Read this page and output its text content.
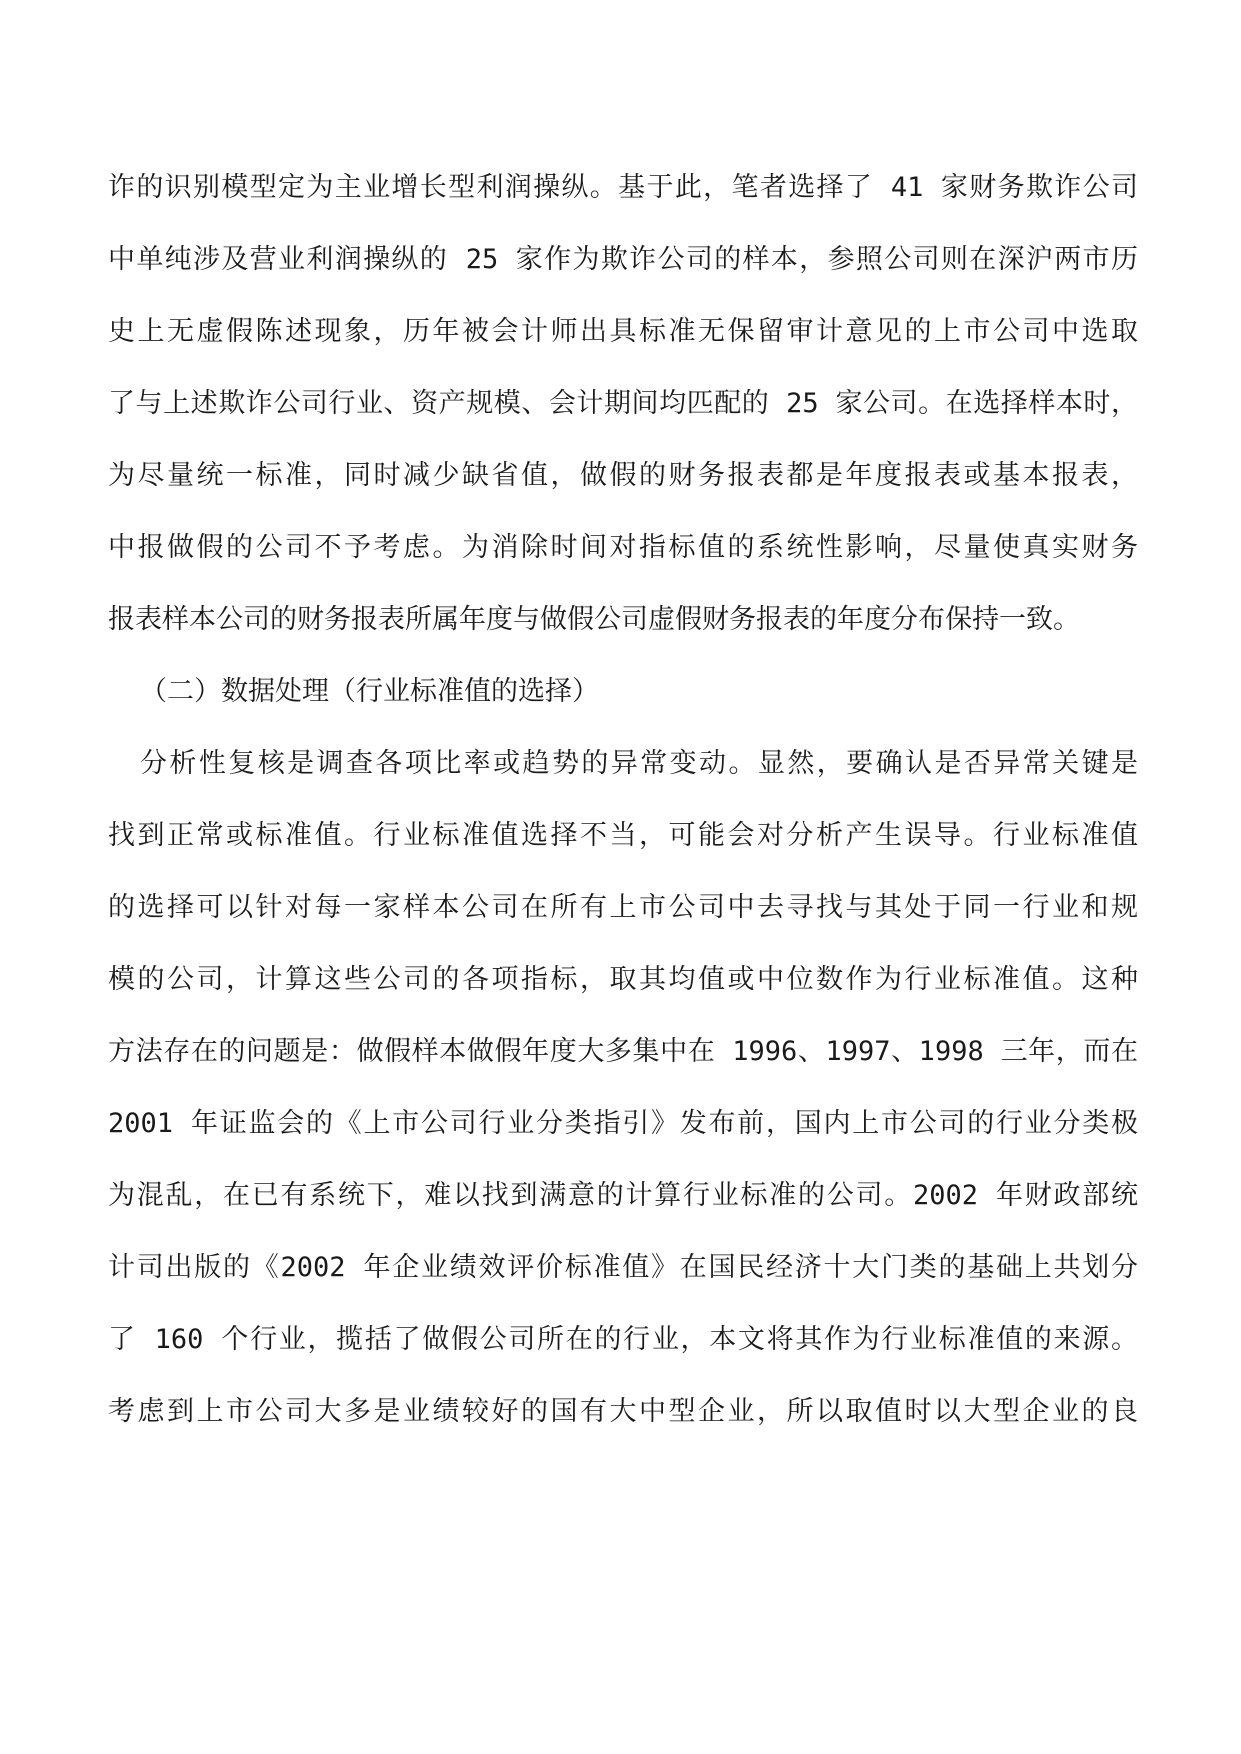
诈的识别模型定为主业增长型利润操纵。基于此，笔者选择了 41 家财务欺诈公司
中单纯涉及营业利润操纵的 25 家作为欺诈公司的样本，参照公司则在深沪两市历
史上无虚假陈述现象，历年被会计师出具标准无保留审计意见的上市公司中选取
了与上述欺诈公司行业、资产规模、会计期间均匹配的 25 家公司。在选择样本时，
为尽量统一标准，同时减少缺省值，做假的财务报表都是年度报表或基本报表，
中报做假的公司不予考虑。为消除时间对指标值的系统性影响，尽量使真实财务
报表样本公司的财务报表所属年度与做假公司虚假财务报表的年度分布保持一致。
（二）数据处理（行业标准值的选择）
分析性复核是调查各项比率或趋势的异常变动。显然，要确认是否异常关键是
找到正常或标准值。行业标准值选择不当，可能会对分析产生误导。行业标准值
的选择可以针对每一家样本公司在所有上市公司中去寻找与其处于同一行业和规
模的公司，计算这些公司的各项指标，取其均值或中位数作为行业标准值。这种
方法存在的问题是：做假样本做假年度大多集中在 1996、1997、1998 三年，而在
2001 年证监会的《上市公司行业分类指引》发布前，国内上市公司的行业分类极
为混乱，在已有系统下，难以找到满意的计算行业标准的公司。2002 年财政部统
计司出版的《2002 年企业绩效评价标准值》在国民经济十大门类的基础上共划分
了 160 个行业，揽括了做假公司所在的行业，本文将其作为行业标准值的来源。
考虑到上市公司大多是业绩较好的国有大中型企业，所以取值时以大型企业的良
